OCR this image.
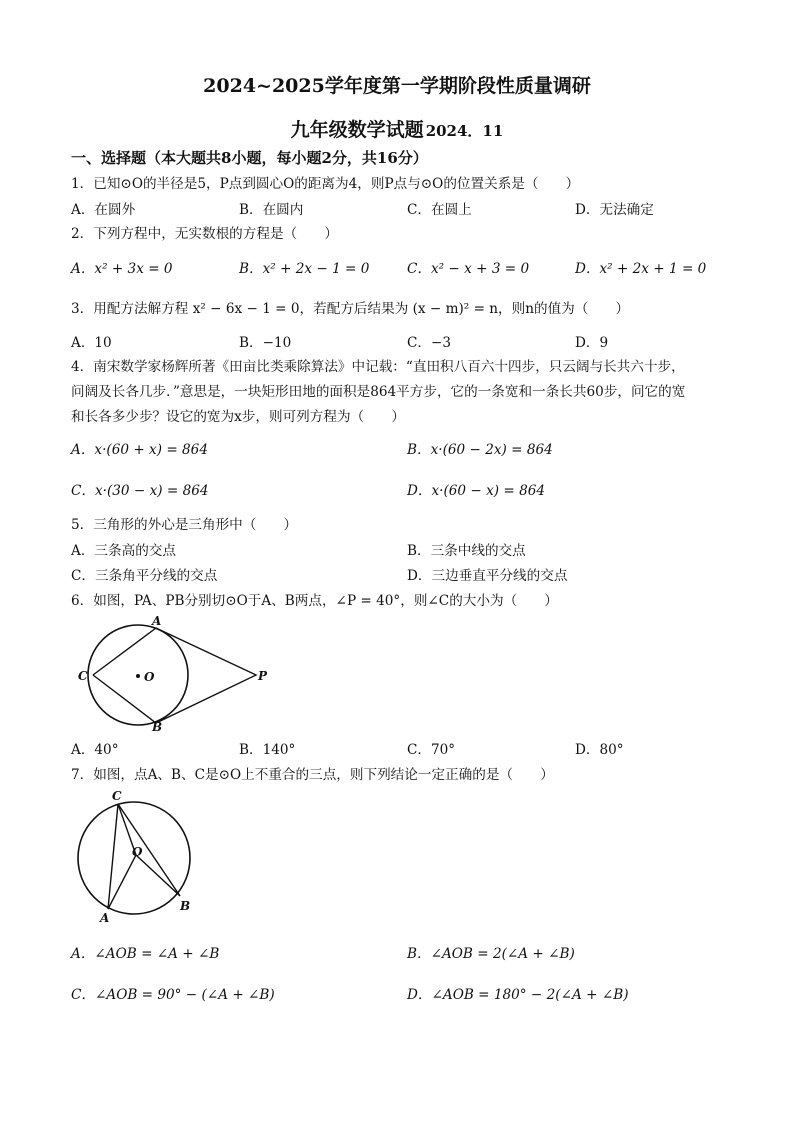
2024~2025学年度第一学期阶段性质量调研
九年级数学试题 2024．11
一、选择题（本大题共8小题，每小题2分，共16分）
1．已知⊙O的半径是5，P点到圆心O的距离为4，则P点与⊙O的位置关系是（　　）
A．在圆外	B．在圆内	C．在圆上	D．无法确定
2．下列方程中，无实数根的方程是（　　）
A．x² + 3x = 0	B．x² + 2x − 1 = 0	C．x² − x + 3 = 0	D．x² + 2x + 1 = 0
3．用配方法解方程 x² − 6x − 1 = 0，若配方后结果为 (x − m)² = n，则n的值为（　　）
A．10	B．−10	C．−3	D．9
4．南宋数学家杨辉所著《田亩比类乘除算法》中记载：“直田积八百六十四步，只云阔与长共六十步，
问阔及长各几步．”意思是，一块矩形田地的面积是864平方步，它的一条宽和一条长共60步，问它的宽
和长各多少步？设它的宽为x步，则可列方程为（　　）
A．x·(60 + x) = 864	B．x·(60 − 2x) = 864
C．x·(30 − x) = 864	D．x·(60 − x) = 864
5．三角形的外心是三角形中（　　）
A．三条高的交点	B．三条中线的交点
C．三条角平分线的交点	D．三边垂直平分线的交点
6．如图，PA、PB分别切⊙O于A、B两点，∠P = 40°，则∠C的大小为（　　）
A
C	O	P
B
A．40°	B．140°	C．70°	D．80°
7．如图，点A、B、C是⊙O上不重合的三点，则下列结论一定正确的是（　　）
C
O
A
B
A．∠AOB = ∠A + ∠B	B．∠AOB = 2(∠A + ∠B)
C．∠AOB = 90° − (∠A + ∠B)	D．∠AOB = 180° − 2(∠A + ∠B)
